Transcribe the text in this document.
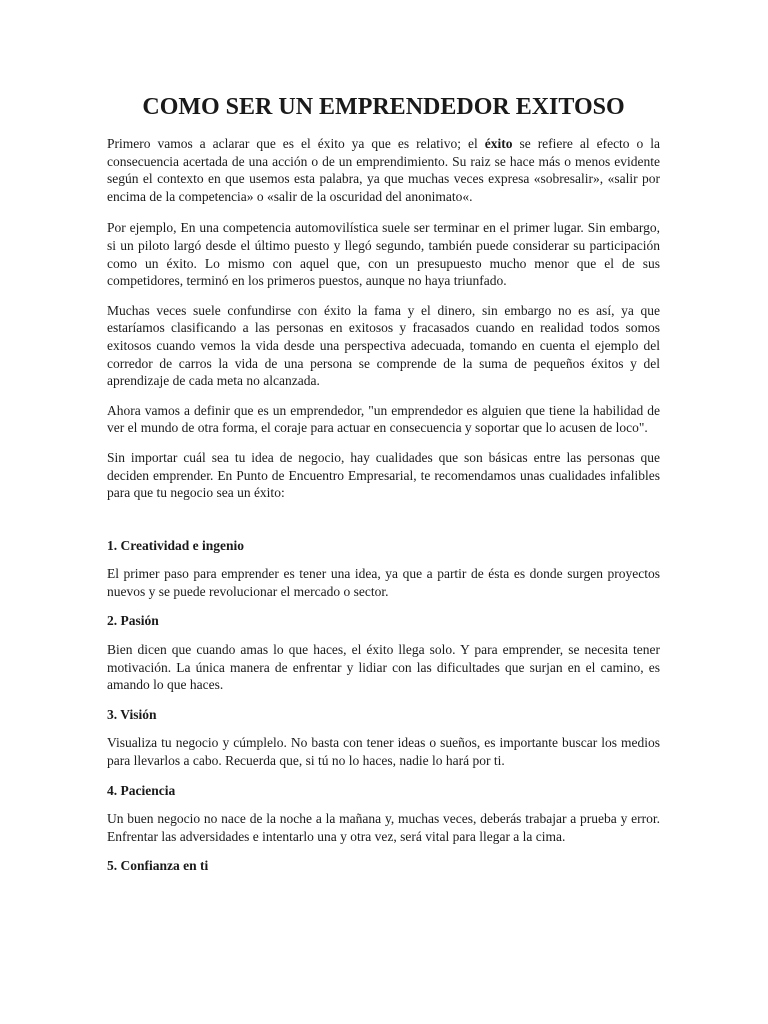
COMO SER UN EMPRENDEDOR EXITOSO

Primero vamos a aclarar que es el éxito ya que es relativo; el éxito se refiere al efecto o la consecuencia acertada de una acción o de un emprendimiento. Su raiz se hace más o menos evidente según el contexto en que usemos esta palabra, ya que muchas veces expresa «sobresalir», «salir por encima de la competencia» o «salir de la oscuridad del anonimato«.

Por ejemplo, En una competencia automovilística suele ser terminar en el primer lugar. Sin embargo, si un piloto largó desde el último puesto y llegó segundo, también puede considerar su participación como un éxito. Lo mismo con aquel que, con un presupuesto mucho menor que el de sus competidores, terminó en los primeros puestos, aunque no haya triunfado.

Muchas veces suele confundirse con éxito la fama y el dinero, sin embargo no es así, ya que estaríamos clasificando a las personas en exitosos y fracasados cuando en realidad todos somos exitosos cuando vemos la vida desde una perspectiva adecuada, tomando en cuenta el ejemplo del corredor de carros la vida de una persona se comprende de la suma de pequeños éxitos y del aprendizaje de cada meta no alcanzada.

Ahora vamos a definir que es un emprendedor, "un emprendedor es alguien que tiene la habilidad de ver el mundo de otra forma, el coraje para actuar en consecuencia y soportar que lo acusen de loco".

Sin importar cuál sea tu idea de negocio, hay cualidades que son básicas entre las personas que deciden emprender. En Punto de Encuentro Empresarial, te recomendamos unas cualidades infalibles para que tu negocio sea un éxito:

1. Creatividad e ingenio

El primer paso para emprender es tener una idea, ya que a partir de ésta es donde surgen proyectos nuevos y se puede revolucionar el mercado o sector.

2. Pasión

Bien dicen que cuando amas lo que haces, el éxito llega solo. Y para emprender, se necesita tener motivación. La única manera de enfrentar y lidiar con las dificultades que surjan en el camino, es amando lo que haces.

3. Visión

Visualiza tu negocio y cúmplelo. No basta con tener ideas o sueños, es importante buscar los medios para llevarlos a cabo. Recuerda que, si tú no lo haces, nadie lo hará por ti.

4. Paciencia

Un buen negocio no nace de la noche a la mañana y, muchas veces, deberás trabajar a prueba y error. Enfrentar las adversidades e intentarlo una y otra vez, será vital para llegar a la cima.

5. Confianza en ti
